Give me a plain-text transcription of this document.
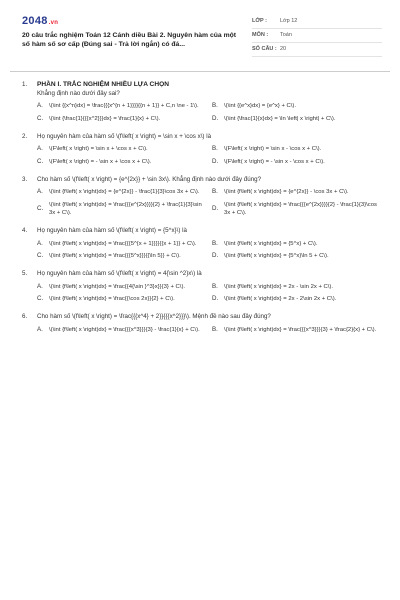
2048.vn
20 câu trắc nghiệm Toán 12 Cánh diều Bài 2. Nguyên hàm của một số hàm số sơ cấp (Đúng sai - Trả lời ngắn) có đá...
LỚP :	Lớp 12
MÔN :	Toán
SỐ CÂU : 20
1.	PHẦN I. TRẮC NGHIỆM NHIỀU LỰA CHỌN
Khẳng định nào dưới đây sai?
A.	\(\int {{x^n}dx} = \frac{{{x^{n + 1}}}}{{n + 1}} + C,n \ne - 1\).	B.	\(\int {{e^x}dx} = {e^x} + C\).
C. \(\int {\frac{1}{{{x^2}}}dx} = \frac{1}{x} + C\).	D. \(\int {\frac{1}{x}dx} = \ln \left| x \right| + C\).
2.	Họ nguyên hàm của hàm số \(f\left( x \right) = \sin x + \cos x\) là
A.	\(F\left( x \right) = \sin x + \cos x + C\).	B.	\(F\left( x \right) = \sin x - \cos x + C\).
C. \(F\left( x \right) = - \sin x + \cos x + C\).	D. \(F\left( x \right) = - \sin x - \cos x + C\).
3.	Cho hàm số \(f\left( x \right) = {e^{2x}} + \sin 3x\). Khẳng định nào dưới đây đúng?
A.	\(\int {f\left( x \right)dx} = {e^{2x}} - \frac{1}{3}\cos 3x + C\).	B.	\(\int {f\left( x \right)dx} = {e^{2x}} - \cos 3x + C\).
C.
\(\int {f\left( x \right)dx} = \frac{{{e^{2x}}}}{2} + \frac{1}{3}\sin 3x + C\).
D.
\(\int {f\left( x \right)dx} = \frac{{{e^{2x}}}}{2} - \frac{1}{3}\cos 3x + C\).
4.	Họ nguyên hàm của hàm số \(f\left( x \right) = {5^x}\) là
A.	\(\int {f\left( x \right)dx} = \frac{{{5^{x + 1}}}}{{x + 1}} + C\).	B.	\(\int {f\left( x \right)dx} = {5^x} + C\).
C. \(\int {f\left( x \right)dx} = \frac{{{5^x}}}{{\ln 5}} + C\).	D. \(\int {f\left( x \right)dx} = {5^x}\ln 5 + C\).
5.	Họ nguyên hàm của hàm số \(f\left( x \right) = 4{\sin ^2}x\) là
A.	\(\int {f\left( x \right)dx} = \frac{{4{\sin }^3}x}}{3} + C\).	B.	\(\int {f\left( x \right)dx} = 2x - \sin 2x + C\).
C. \(\int {f\left( x \right)dx} = \frac{{\cos 2x}}{2} + C\).	D. \(\int {f\left( x \right)dx} = 2x - 2\sin 2x + C\).
6.	Cho hàm số \(f\left( x \right) = \frac{{{x^4} + 2}}{{{x^2}}}\). Mệnh đề nào sau đây đúng?
A.	\(\int {f\left( x \right)dx} = \frac{{{x^3}}}{3} - \frac{1}{x} + C\).	B.	\(\int {f\left( x \right)dx} = \frac{{{x^3}}}{3} + \frac{2}{x} + C\).
